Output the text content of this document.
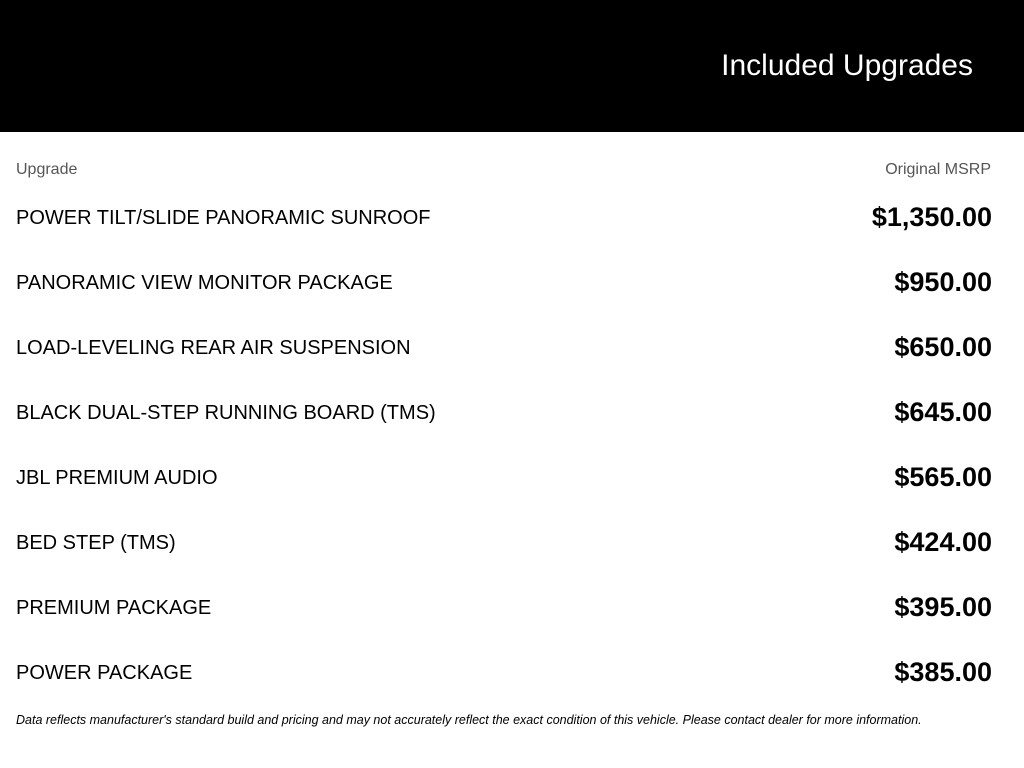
Included Upgrades
Upgrade	Original MSRP
POWER TILT/SLIDE PANORAMIC SUNROOF	$1,350.00
PANORAMIC VIEW MONITOR PACKAGE	$950.00
LOAD-LEVELING REAR AIR SUSPENSION	$650.00
BLACK DUAL-STEP RUNNING BOARD (TMS)	$645.00
JBL PREMIUM AUDIO	$565.00
BED STEP (TMS)	$424.00
PREMIUM PACKAGE	$395.00
POWER PACKAGE	$385.00
Data reflects manufacturer's standard build and pricing and may not accurately reflect the exact condition of this vehicle. Please contact dealer for more information.
